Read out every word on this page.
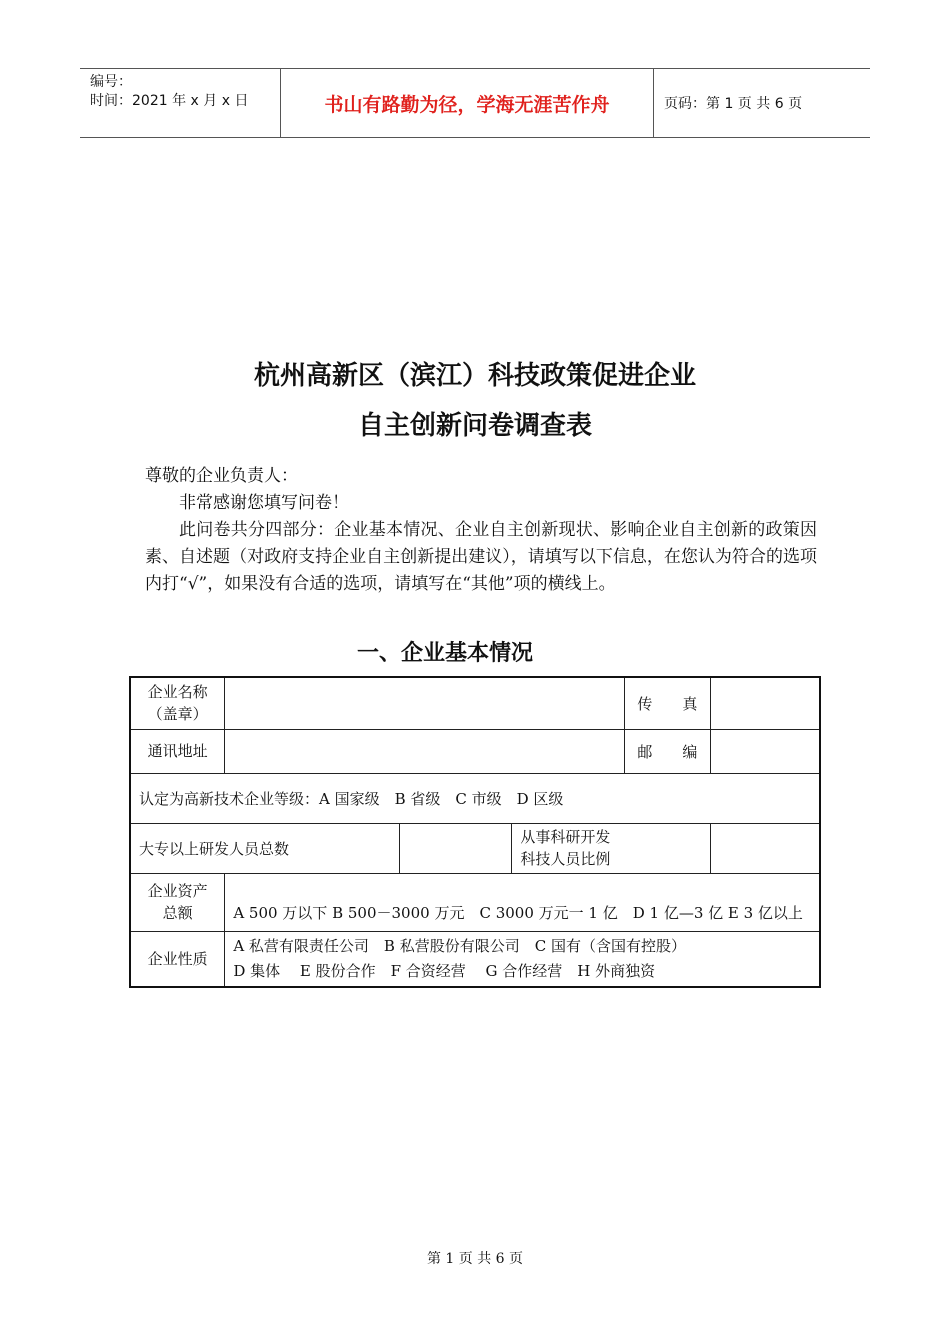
编号：
时间：2021 年 x 月 x 日	书山有路勤为径，学海无涯苦作舟	页码：第 1 页 共 6 页
杭州高新区（滨江）科技政策促进企业
自主创新问卷调查表

尊敬的企业负责人：

非常感谢您填写问卷！

此问卷共分四部分：企业基本情况、企业自主创新现状、影响企业自主创新的政策因素、自述题（对政府支持企业自主创新提出建议），请填写以下信息，在您认为符合的选项内打“√”，如果没有合适的选项，请填写在“其他”项的横线上。

一、企业基本情况
企业名称
（盖章）				传　　真	
通讯地址				邮　　编	
认定为高新技术企业等级：A 国家级　B 省级　C 市级　D 区级					
大专以上研发人员总数			从事科研开发
科技人员比例		

企业资产
总额	A 500 万以下 B 500－3000 万元　C 3000 万元一 1 亿　D 1 亿—3 亿 E 3 亿以上				
企业性质	A 私营有限责任公司　B 私营股份有限公司　C 国有（含国有控股）
D 集体　 E 股份合作　F 合资经营　 G 合作经营　H 外商独资				
第 1 页 共 6 页
